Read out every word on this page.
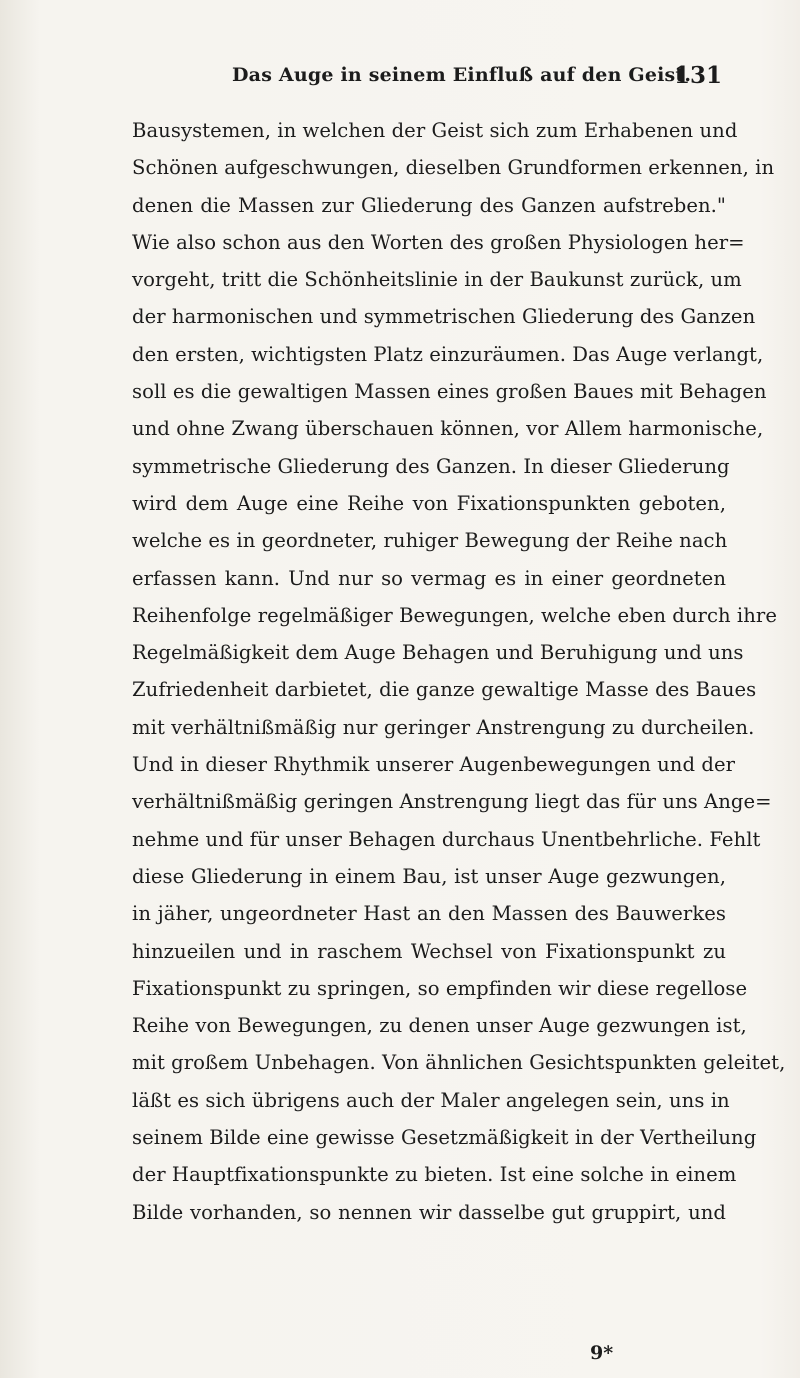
Das Auge in seinem Einfluß auf den Geist.
131
Bausystemen, in welchen der Geist sich zum Erhabenen und
Schönen aufgeschwungen, dieselben Grundformen erkennen, in
denen die Massen zur Gliederung des Ganzen aufstreben."
Wie also schon aus den Worten des großen Physiologen her=
vorgeht, tritt die Schönheitslinie in der Baukunst zurück, um
der harmonischen und symmetrischen Gliederung des Ganzen
den ersten, wichtigsten Platz einzuräumen. Das Auge verlangt,
soll es die gewaltigen Massen eines großen Baues mit Behagen
und ohne Zwang überschauen können, vor Allem harmonische,
symmetrische Gliederung des Ganzen. In dieser Gliederung
wird dem Auge eine Reihe von Fixationspunkten geboten,
welche es in geordneter, ruhiger Bewegung der Reihe nach
erfassen kann. Und nur so vermag es in einer geordneten
Reihenfolge regelmäßiger Bewegungen, welche eben durch ihre
Regelmäßigkeit dem Auge Behagen und Beruhigung und uns
Zufriedenheit darbietet, die ganze gewaltige Masse des Baues
mit verhältnißmäßig nur geringer Anstrengung zu durcheilen.
Und in dieser Rhythmik unserer Augenbewegungen und der
verhältnißmäßig geringen Anstrengung liegt das für uns Ange=
nehme und für unser Behagen durchaus Unentbehrliche. Fehlt
diese Gliederung in einem Bau, ist unser Auge gezwungen,
in jäher, ungeordneter Hast an den Massen des Bauwerkes
hinzueilen und in raschem Wechsel von Fixationspunkt zu
Fixationspunkt zu springen, so empfinden wir diese regellose
Reihe von Bewegungen, zu denen unser Auge gezwungen ist,
mit großem Unbehagen. Von ähnlichen Gesichtspunkten geleitet,
läßt es sich übrigens auch der Maler angelegen sein, uns in
seinem Bilde eine gewisse Gesetzmäßigkeit in der Vertheilung
der Hauptfixationspunkte zu bieten. Ist eine solche in einem
Bilde vorhanden, so nennen wir dasselbe gut gruppirt, und
9*
